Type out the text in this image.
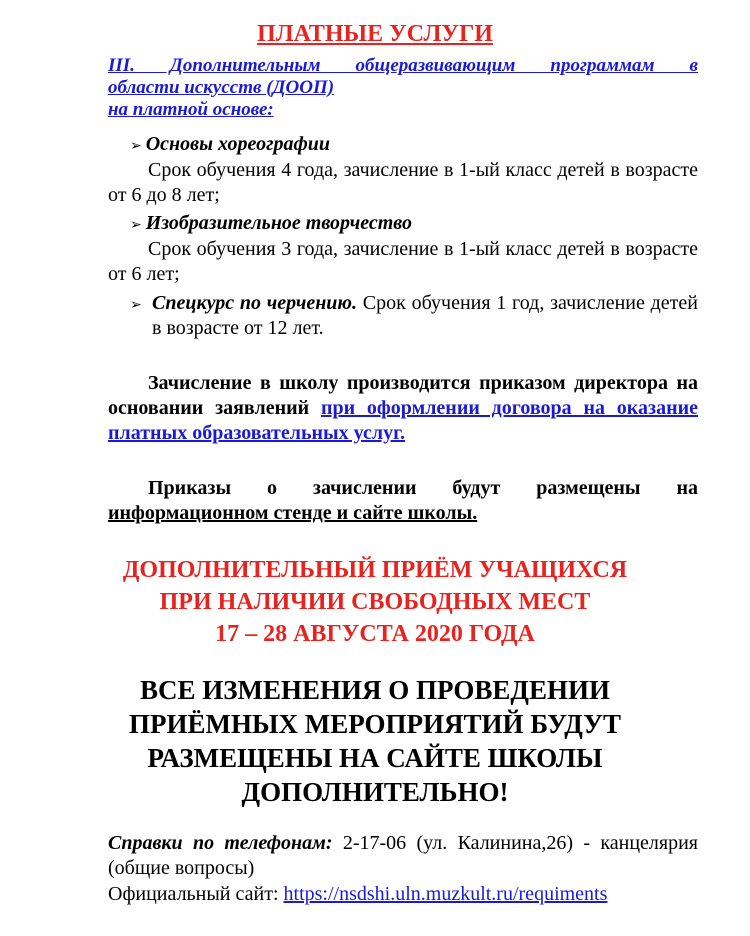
ПЛАТНЫЕ УСЛУГИ
III. Дополнительным общеразвивающим программам в
области искусств (ДООП)
на платной основе:
➢ Основы хореографии
Срок обучения 4 года, зачисление в 1-ый класс детей в возрасте от 6 до 8 лет;
➢ Изобразительное творчество
Срок обучения 3 года, зачисление в 1-ый класс детей в возрасте от 6 лет;
➢ Спецкурс по черчению. Срок обучения 1 год, зачисление детей в возрасте от 12 лет.
Зачисление в школу производится приказом директора на основании заявлений при оформлении договора на оказание платных образовательных услуг.
Приказы о зачислении будут размещены на информационном стенде и сайте школы.
ДОПОЛНИТЕЛЬНЫЙ ПРИЁМ УЧАЩИХСЯ
ПРИ НАЛИЧИИ СВОБОДНЫХ МЕСТ
17 – 28 АВГУСТА 2020 ГОДА
ВСЕ ИЗМЕНЕНИЯ О ПРОВЕДЕНИИ
ПРИЁМНЫХ МЕРОПРИЯТИЙ БУДУТ
РАЗМЕЩЕНЫ НА САЙТЕ ШКОЛЫ
ДОПОЛНИТЕЛЬНО!
Справки по телефонам: 2-17-06 (ул. Калинина,26) - канцелярия (общие вопросы)
Официальный сайт: https://nsdshi.uln.muzkult.ru/requiments
